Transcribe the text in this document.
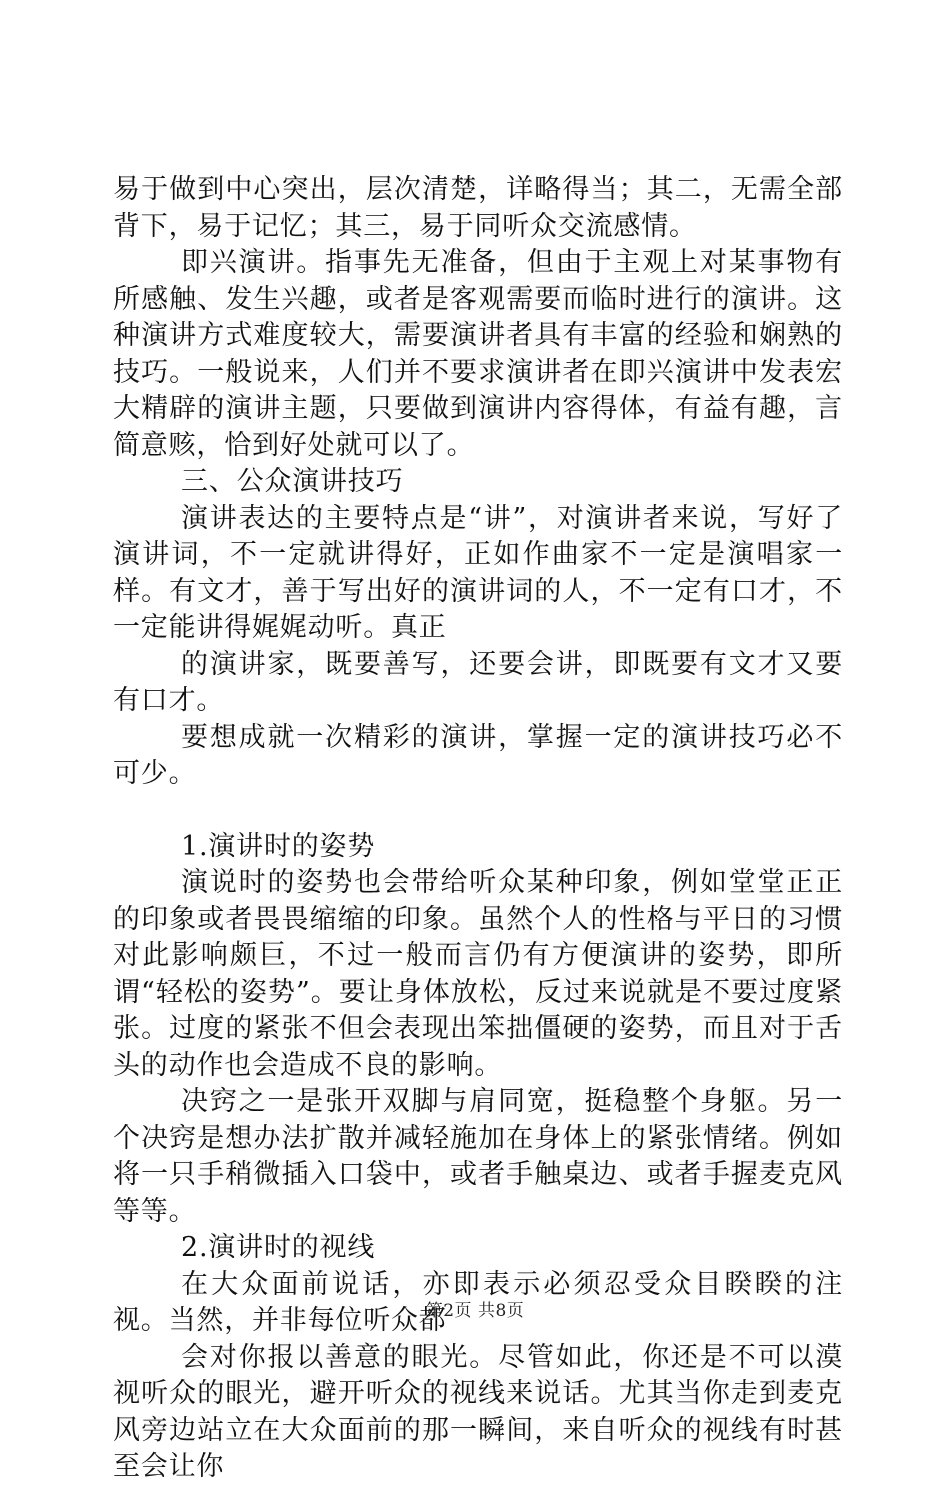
易于做到中心突出，层次清楚，详略得当；其二，无需全部背下，易于记忆；其三，易于同听众交流感情。

即兴演讲。指事先无准备，但由于主观上对某事物有所感触、发生兴趣，或者是客观需要而临时进行的演讲。这种演讲方式难度较大，需要演讲者具有丰富的经验和娴熟的技巧。一般说来，人们并不要求演讲者在即兴演讲中发表宏大精辟的演讲主题，只要做到演讲内容得体，有益有趣，言简意赅，恰到好处就可以了。

三、公众演讲技巧

演讲表达的主要特点是“讲”，对演讲者来说，写好了演讲词，不一定就讲得好，正如作曲家不一定是演唱家一样。有文才，善于写出好的演讲词的人，不一定有口才，不一定能讲得娓娓动听。真正

的演讲家，既要善写，还要会讲，即既要有文才又要有口才。

要想成就一次精彩的演讲，掌握一定的演讲技巧必不可少。

1.演讲时的姿势

演说时的姿势也会带给听众某种印象，例如堂堂正正的印象或者畏畏缩缩的印象。虽然个人的性格与平日的习惯对此影响颇巨，不过一般而言仍有方便演讲的姿势，即所谓“轻松的姿势”。要让身体放松，反过来说就是不要过度紧张。过度的紧张不但会表现出笨拙僵硬的姿势，而且对于舌头的动作也会造成不良的影响。

决窍之一是张开双脚与肩同宽，挺稳整个身躯。另一个决窍是想办法扩散并减轻施加在身体上的紧张情绪。例如将一只手稍微插入口袋中，或者手触桌边、或者手握麦克风等等。

2.演讲时的视线

在大众面前说话，亦即表示必须忍受众目睽睽的注视。当然，并非每位听众都

会对你报以善意的眼光。尽管如此，你还是不可以漠视听众的眼光，避开听众的视线来说话。尤其当你走到麦克风旁边站立在大众面前的那一瞬间，来自听众的视线有时甚至会让你

第2页 共8页
